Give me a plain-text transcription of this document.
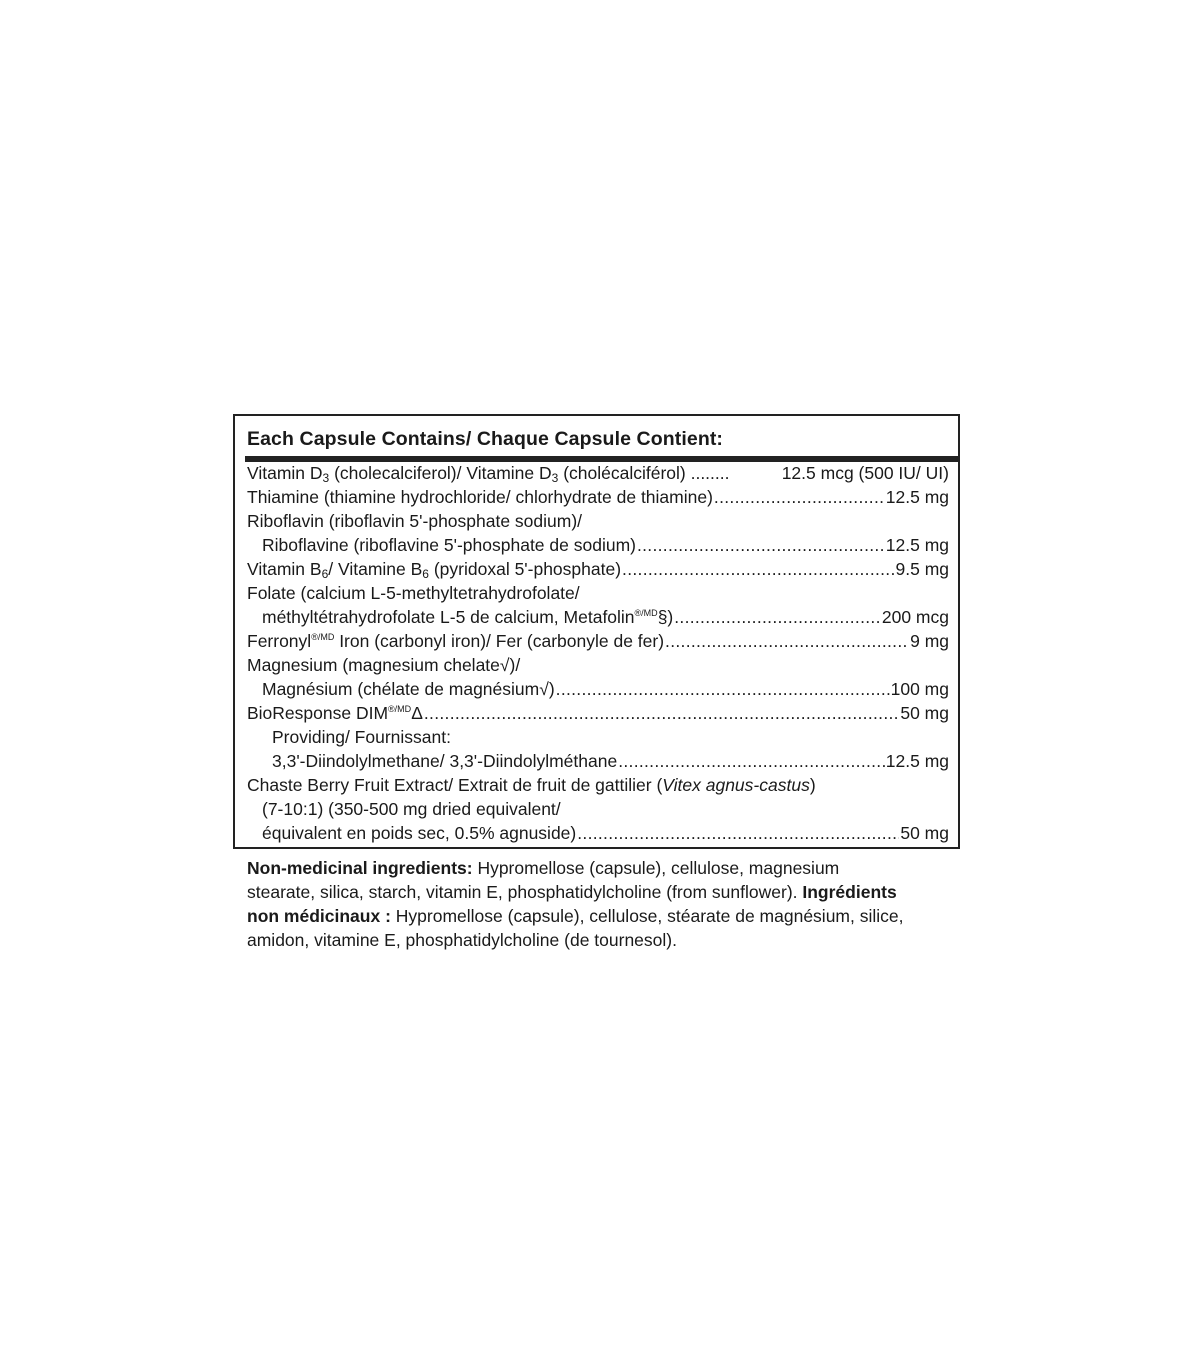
Each Capsule Contains/ Chaque Capsule Contient:
Vitamin $D_3$ (cholecalciferol)/ Vitamine $D_3$ (cholécalciférol) ........	12.5 mcg (500 IU/ UI)
Thiamine (thiamine hydrochloride/ chlorhydrate de thiamine) .....	12.5 mg
Riboflavin (riboflavin 5'-phosphate sodium)/
Riboflavine (riboflavine 5'-phosphate de sodium) .....	12.5 mg
Vitamin $B_6/$ Vitamine $B_6$ (pyridoxal 5'-phosphate) .....	9.5 mg
Folate (calcium L-5-methyltetrahydrofolate/
méthyltétrahydrofolate L-5 de calcium, Metafolin$^{®/MD}$§) .....	200 mcg
Ferronyl$^{®/MD}$ Iron (carbonyl iron)/ Fer (carbonyle de fer) .....	9 mg
Magnesium (magnesium chelate√)/
Magnésium (chélate de magnésium√) .....	100 mg
BioResponse $DIM^{®/MD}\Delta$ .....	50 mg
Providing/ Fournissant:
3,3'-Diindolylmethane/ 3,3'-Diindolylméthane .....	12.5 mg
Chaste Berry Fruit Extract/ Extrait de fruit de gattilier (Vitex agnus-castus)
(7-10:1) (350-500 mg dried equivalent/
équivalent en poids sec, 0.5% agnuside) .....	50 mg
Non-medicinal ingredients: Hypromellose (capsule), cellulose, magnesium
stearate, silica, starch, vitamin E, phosphatidylcholine (from sunflower). Ingrédients
non médicinaux : Hypromellose (capsule), cellulose, stéarate de magnésium, silice,
amidon, vitamine E, phosphatidylcholine (de tournesol).
